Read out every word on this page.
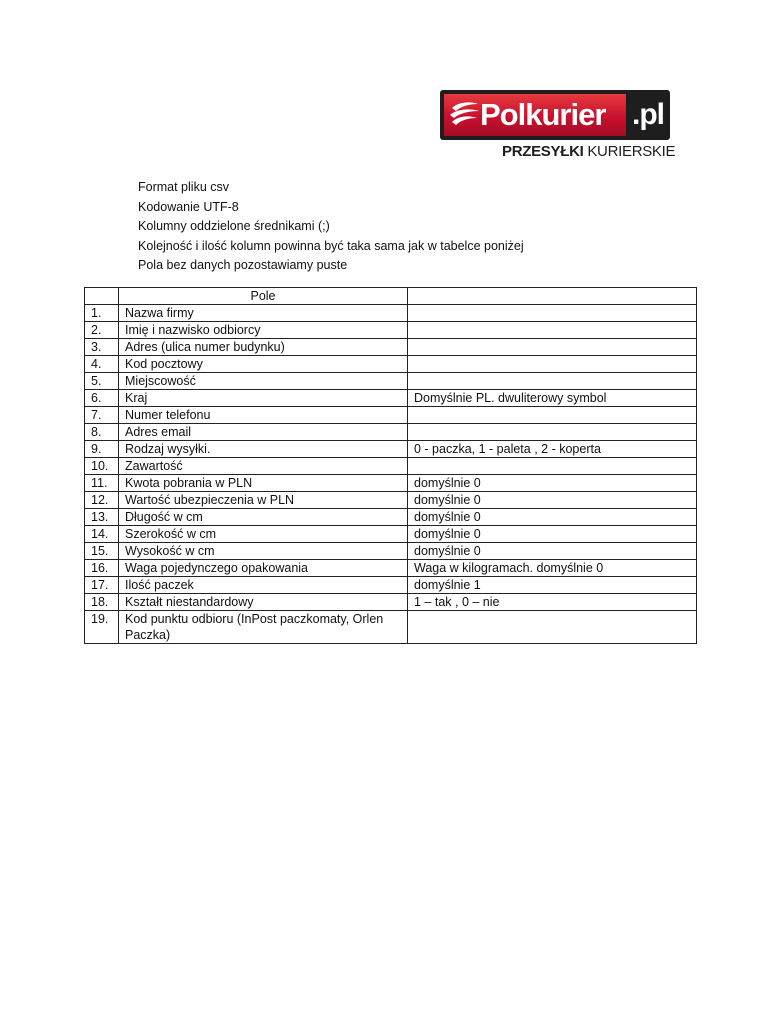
Polkurier .pl
PRZESYŁKI KURIERSKIE
Format pliku csv
Kodowanie UTF-8
Kolumny oddzielone średnikami (;)
Kolejność i ilość kolumn powinna być taka sama jak w tabelce poniżej
Pola bez danych pozostawiamy puste
	Pole	
1.	Nazwa firmy	
2.	Imię i nazwisko odbiorcy	
3.	Adres (ulica numer budynku)	
4.	Kod pocztowy	
5.	Miejscowość	
6.	Kraj	Domyślnie PL. dwuliterowy symbol
7.	Numer telefonu	
8.	Adres email	
9.	Rodzaj wysyłki.	0 - paczka, 1 - paleta , 2 - koperta
10.	Zawartość	
11.	Kwota pobrania w PLN	domyślnie 0
12.	Wartość ubezpieczenia w PLN	domyślnie 0
13.	Długość w cm	domyślnie 0
14.	Szerokość w cm	domyślnie 0
15.	Wysokość w cm	domyślnie 0
16.	Waga pojedynczego opakowania	Waga w kilogramach. domyślnie 0
17.	Ilość paczek	domyślnie 1
18.	Kształt niestandardowy	1 – tak , 0 – nie
19.	Kod punktu odbioru (InPost paczkomaty, Orlen Paczka)	
